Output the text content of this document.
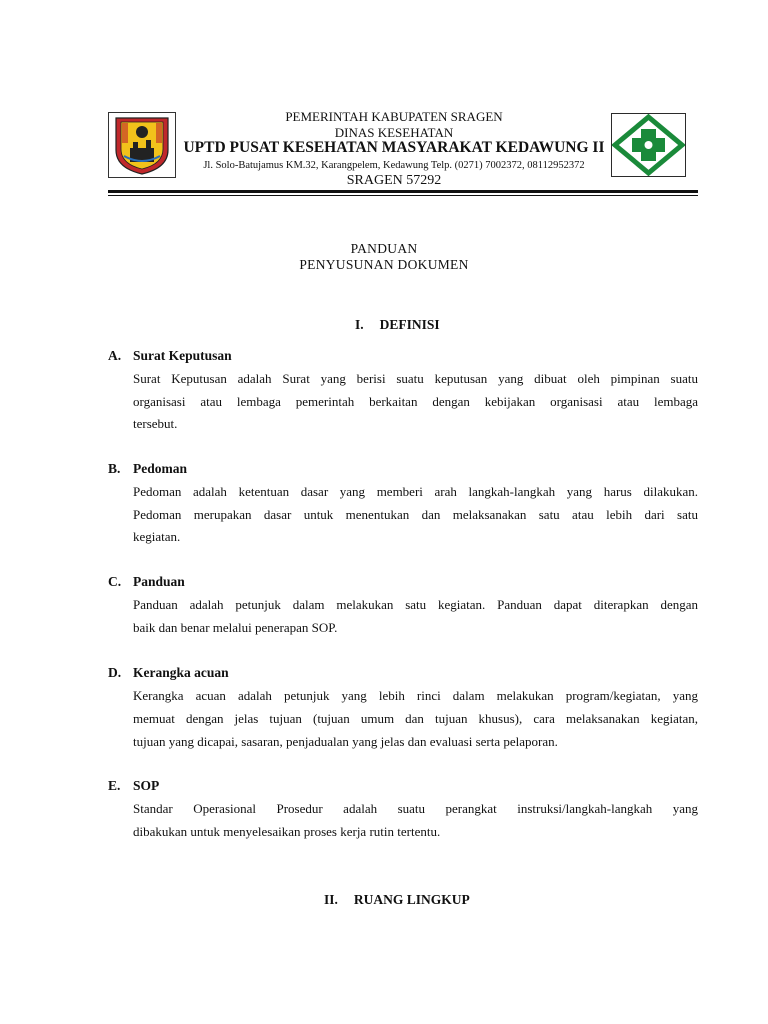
PEMERINTAH KABUPATEN SRAGEN
DINAS KESEHATAN
UPTD PUSAT KESEHATAN MASYARAKAT KEDAWUNG II
Jl. Solo-Batujamus KM.32, Karangpelem, Kedawung Telp. (0271) 7002372, 08112952372
SRAGEN 57292
PANDUAN
PENYUSUNAN DOKUMEN
I. DEFINISI
A. Surat Keputusan
Surat Keputusan adalah Surat yang berisi suatu keputusan yang dibuat oleh pimpinan suatu
organisasi atau lembaga pemerintah berkaitan dengan kebijakan organisasi atau lembaga
tersebut.
B. Pedoman
Pedoman adalah ketentuan dasar yang memberi arah langkah-langkah yang harus dilakukan.
Pedoman merupakan dasar untuk menentukan dan melaksanakan satu atau lebih dari satu
kegiatan.
C. Panduan
Panduan adalah petunjuk dalam melakukan satu kegiatan. Panduan dapat diterapkan dengan
baik dan benar melalui penerapan SOP.
D. Kerangka acuan
Kerangka acuan adalah petunjuk yang lebih rinci dalam melakukan program/kegiatan, yang
memuat dengan jelas tujuan (tujuan umum dan tujuan khusus), cara melaksanakan kegiatan,
tujuan yang dicapai, sasaran, penjadualan yang jelas dan evaluasi serta pelaporan.
E. SOP
Standar Operasional Prosedur adalah suatu perangkat instruksi/langkah-langkah yang
dibakukan untuk menyelesaikan proses kerja rutin tertentu.
II. RUANG LINGKUP
